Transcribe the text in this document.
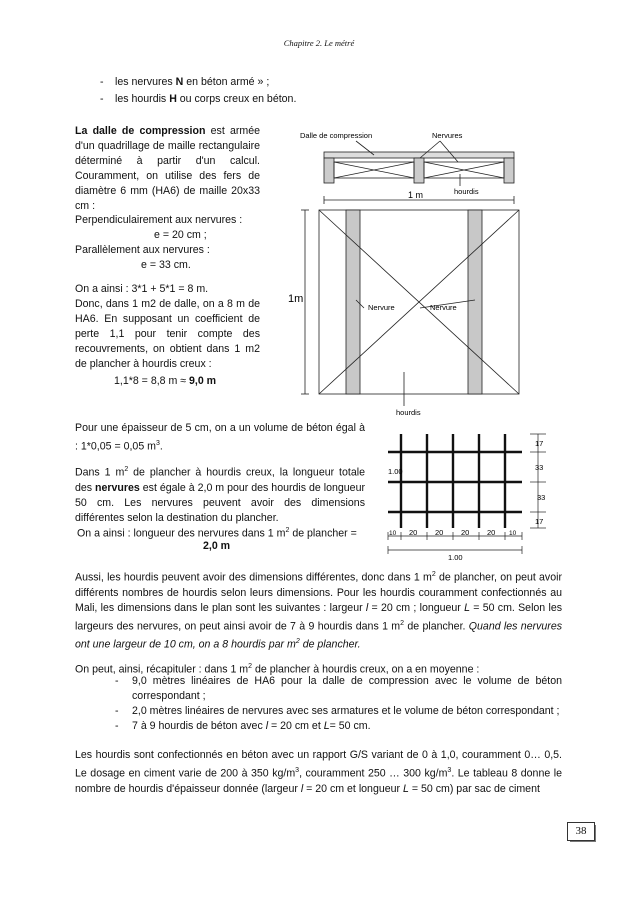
Chapitre 2. Le métré
- les nervures N en béton armé » ;
- les hourdis H ou corps creux en béton.
La dalle de compression est armée d'un quadrillage de maille rectangulaire déterminé à partir d'un calcul. Couramment, on utilise des fers de diamètre 6 mm (HA6) de maille 20x33 cm :
Perpendiculairement aux nervures :
e = 20 cm ;
Parallèlement aux nervures :
e = 33 cm.
On a ainsi : 3*1 + 5*1 = 8 m.
Donc, dans 1 m2 de dalle, on a 8 m de HA6. En supposant un coefficient de perte 1,1 pour tenir compte des recouvrements, on obtient dans 1 m2 de plancher à hourdis creux :
1,1*8 = 8,8 m ≈ 9,0 m
Dalle de compression	Nervures
hourdis
1 m
1m
Nervure	Nervure
hourdis
Pour une épaisseur de 5 cm, on a un volume de béton égal à : 1*0,05 = 0,05 $m^3$.
Dans 1 $m^2$ de plancher à hourdis creux, la longueur totale des nervures est égale à 2,0 m pour des hourdis de longueur 50 cm. Les nervures peuvent avoir des dimensions différentes selon la destination du plancher.
On a ainsi : longueur des nervures dans 1 $m^2$ de plancher =
2,0 m
1.00
17
33
33
17
10 20 20 20 20 10
1.00
Aussi, les hourdis peuvent avoir des dimensions différentes, donc dans 1 $m^2$ de plancher, on peut avoir différents nombres de hourdis selon leurs dimensions. Pour les hourdis couramment confectionnés au Mali, les dimensions dans le plan sont les suivantes : largeur l = 20 cm ; longueur L = 50 cm. Selon les largeurs des nervures, on peut ainsi avoir de 7 à 9 hourdis dans 1 $m^2$ de plancher. Quand les nervures ont une largeur de 10 cm, on a 8 hourdis par $m^2$ de plancher.
On peut, ainsi, récapituler : dans 1 $m^2$ de plancher à hourdis creux, on a en moyenne :
- 9,0 mètres linéaires de HA6 pour la dalle de compression avec le volume de béton correspondant ;
- 2,0 mètres linéaires de nervures avec ses armatures et le volume de béton correspondant ;
- 7 à 9 hourdis de béton avec l = 20 cm et L= 50 cm.
Les hourdis sont confectionnés en béton avec un rapport G/S variant de 0 à 1,0, couramment 0… 0,5. Le dosage en ciment varie de 200 à 350 $kg/m^3$, couramment 250 … 300 $kg/m^3$. Le tableau 8 donne le nombre de hourdis d'épaisseur donnée (largeur l = 20 cm et longueur L = 50 cm) par sac de ciment
38
